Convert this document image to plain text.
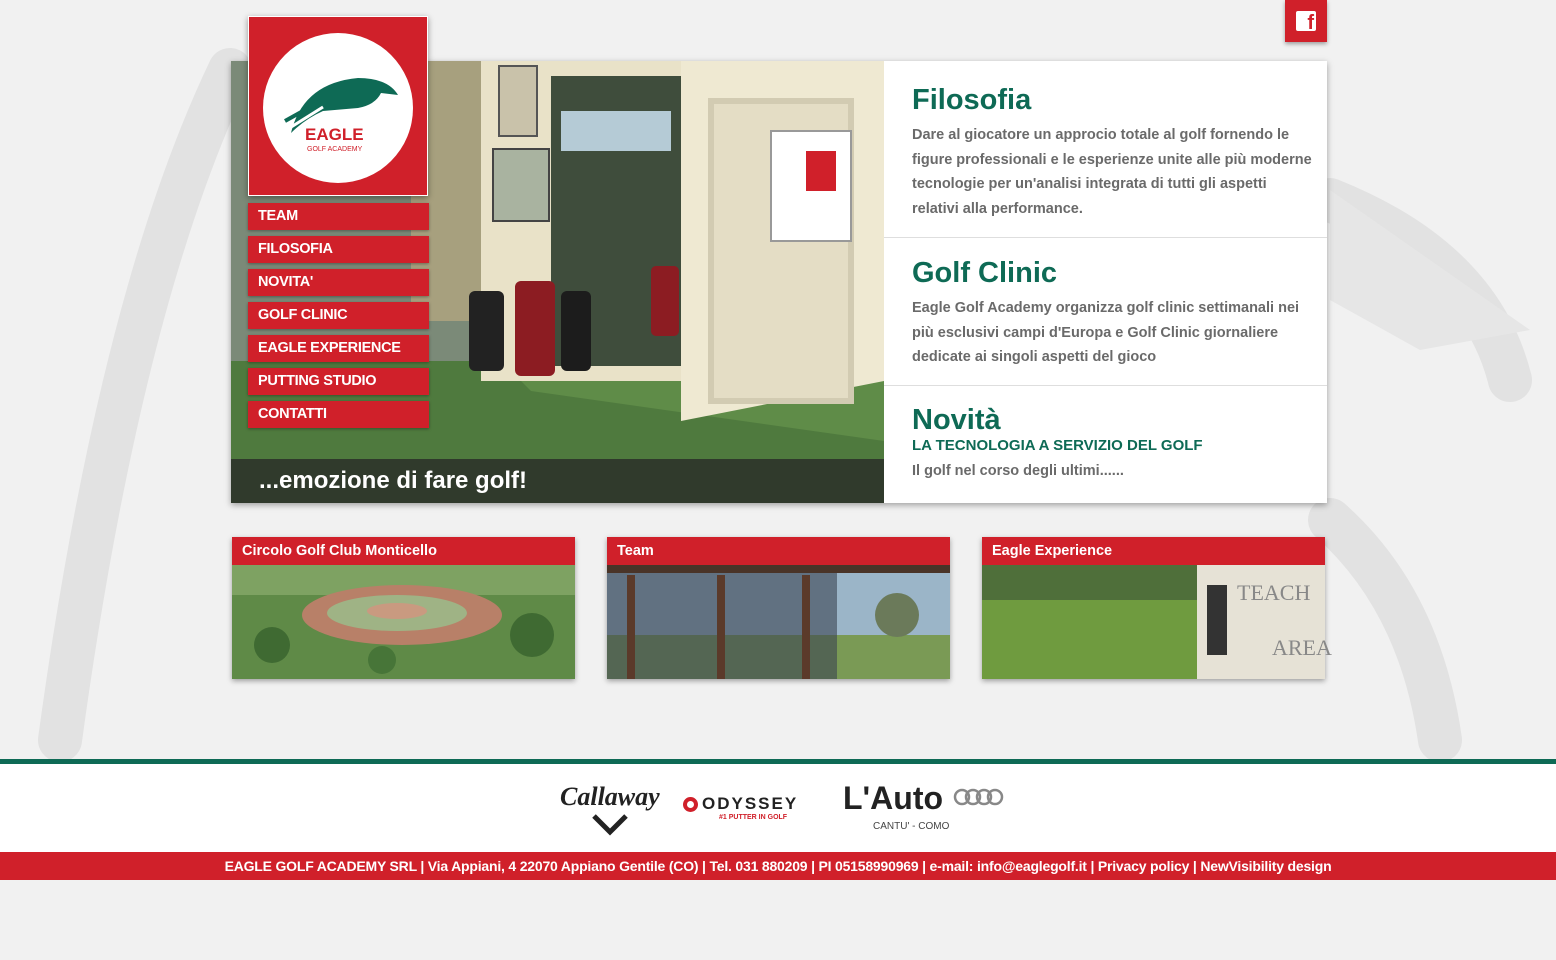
f
...emozione di fare golf!
Filosofia

Dare al giocatore un approcio totale al golf fornendo le figure professionali e le esperienze unite alle più moderne tecnologie per un'analisi integrata di tutti gli aspetti relativi alla performance.

Golf Clinic

Eagle Golf Academy organizza golf clinic settimanali nei più esclusivi campi d'Europa e Golf Clinic giornaliere dedicate ai singoli aspetti del gioco

Novità
LA TECNOLOGIA A SERVIZIO DEL GOLF

Il golf nel corso degli ultimi......

EAGLE
GOLF ACADEMY
TEAM
FILOSOFIA
NOVITA'
GOLF CLINIC
EAGLE EXPERIENCE
PUTTING STUDIO
CONTATTI
Circolo Golf Club Monticello	Team	Eagle Experience
TEACH
AREA
Callaway ODYSSEY
#1 PUTTER IN GOLF
L'Auto
CANTU' - COMO
EAGLE GOLF ACADEMY SRL | Via Appiani, 4 22070 Appiano Gentile (CO) | Tel. 031 880209 | PI 05158990969 | e-mail: info@eaglegolf.it | Privacy policy | NewVisibility design
